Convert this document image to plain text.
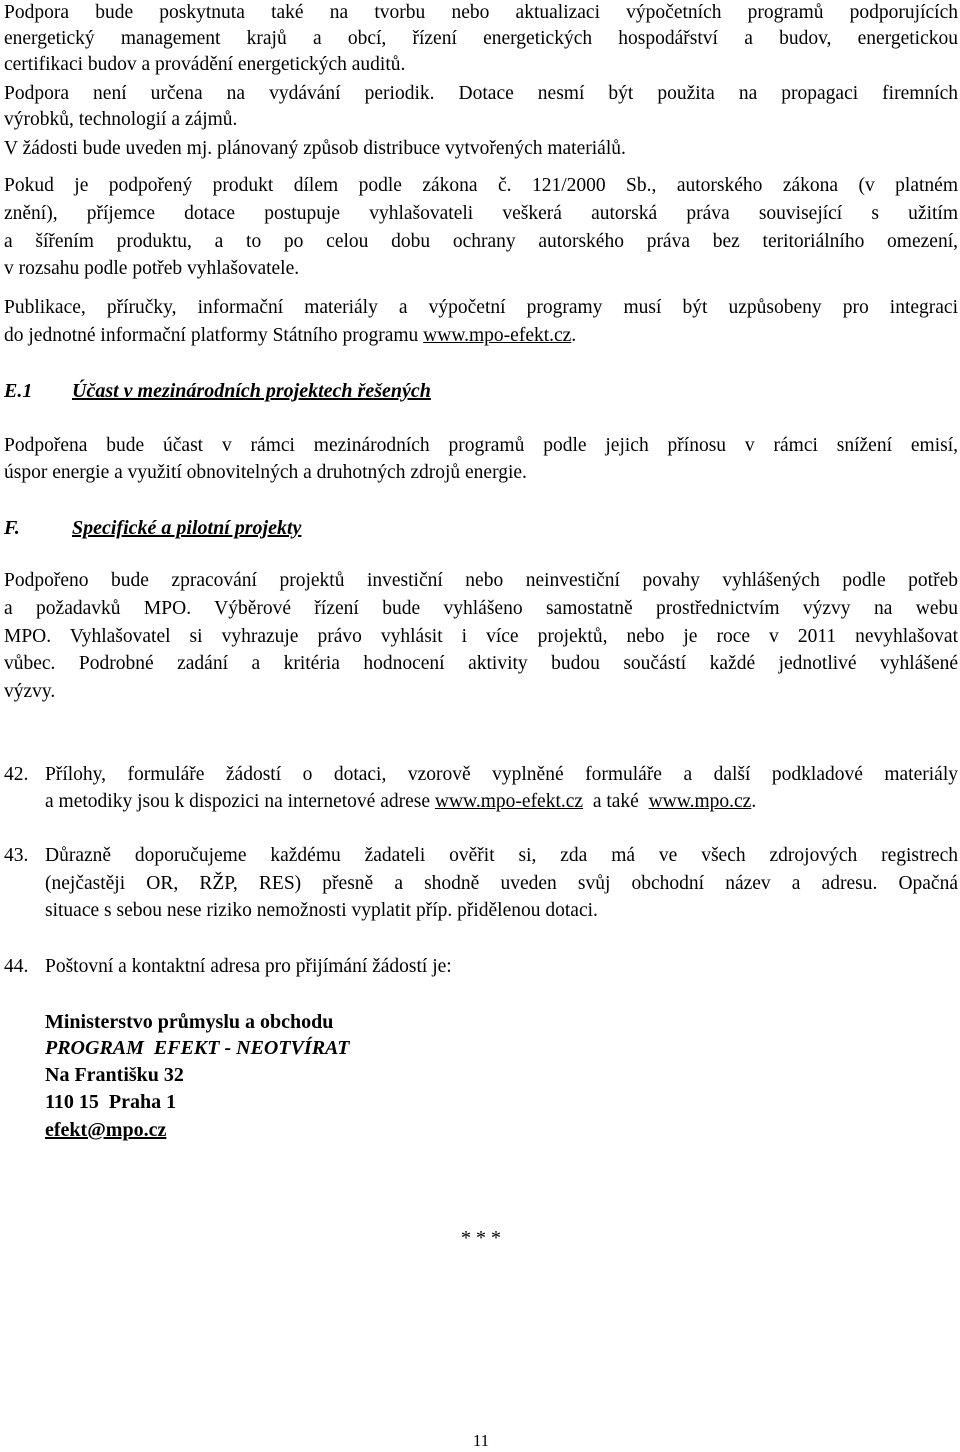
Podpora bude poskytnuta také na tvorbu nebo aktualizaci výpočetních programů podporujících
energetický management krajů a obcí, řízení energetických hospodářství a budov, energetickou
certifikaci budov a provádění energetických auditů.
Podpora není určena na vydávání periodik. Dotace nesmí být použita na propagaci firemních
výrobků, technologií a zájmů.
V žádosti bude uveden mj. plánovaný způsob distribuce vytvořených materiálů.
Pokud je podpořený produkt dílem podle zákona č. 121/2000 Sb., autorského zákona (v platném
znění), příjemce dotace postupuje vyhlašovateli veškerá autorská práva související s užitím
a šířením produktu, a to po celou dobu ochrany autorského práva bez teritoriálního omezení,
v rozsahu podle potřeb vyhlašovatele.
Publikace, příručky, informační materiály a výpočetní programy musí být uzpůsobeny pro integraci
do jednotné informační platformy Státního programu www.mpo-efekt.cz.
E.1 Účast v mezinárodních projektech řešených
Podpořena bude účast v rámci mezinárodních programů podle jejich přínosu v rámci snížení emisí,
úspor energie a využití obnovitelných a druhotných zdrojů energie.
F.	Specifické a pilotní projekty
Podpořeno bude zpracování projektů investiční nebo neinvestiční povahy vyhlášených podle potřeb
a požadavků MPO. Výběrové řízení bude vyhlášeno samostatně prostřednictvím výzvy na webu
MPO. Vyhlašovatel si vyhrazuje právo vyhlásit i více projektů, nebo je roce v 2011 nevyhlašovat
vůbec. Podrobné zadání a kritéria hodnocení aktivity budou součástí každé jednotlivé vyhlášené
výzvy.
42. Přílohy, formuláře žádostí o dotaci, vzorově vyplněné formuláře a další podkladové materiály
a metodiky jsou k dispozici na internetové adrese www.mpo-efekt.cz  a také  www.mpo.cz.
43. Důrazně doporučujeme každému žadateli ověřit si, zda má ve všech zdrojových registrech
(nejčastěji OR, RŽP, RES) přesně a shodně uveden svůj obchodní název a adresu. Opačná
situace s sebou nese riziko nemožnosti vyplatit příp. přidělenou dotaci.
44. Poštovní a kontaktní adresa pro přijímání žádostí je:
Ministerstvo průmyslu a obchodu
PROGRAM  EFEKT - NEOTVÍRAT
Na Františku 32
110 15  Praha 1
efekt@mpo.cz
* * *
11
